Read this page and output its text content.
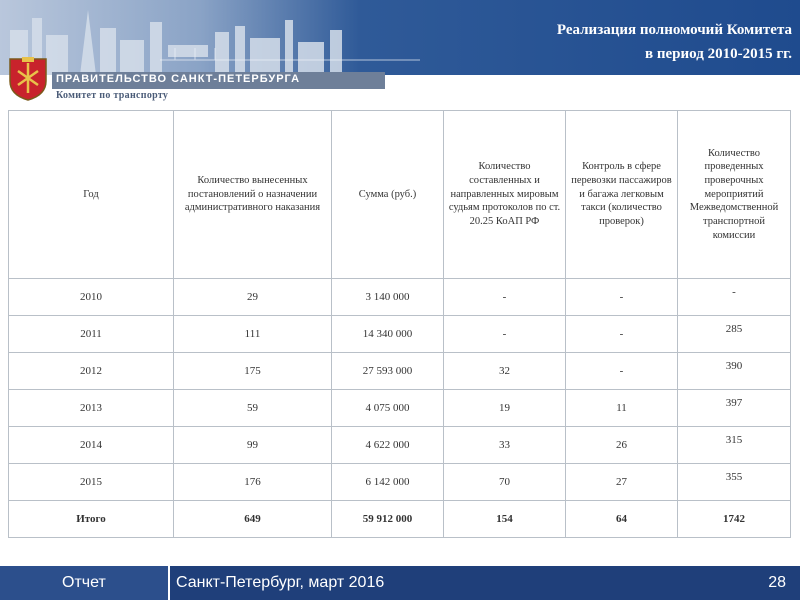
ПРАВИТЕЛЬСТВО САНКТ-ПЕТЕРБУРГА
Комитет по транспорту
Реализация полномочий Комитета
в период 2010-2015 гг.
Год	Количество вынесенных постановлений о назначении административного наказания	Сумма (руб.)	Количество составленных и направленных мировым судьям протоколов по ст. 20.25 КоАП РФ	Контроль в сфере перевозки пассажиров и багажа легковым такси (количество проверок)	Количество проведенных проверочных мероприятий Межведомственной транспортной комиссии
2010	29	3 140 000	-	-	-
2011	111	14 340 000	-	-	285
2012	175	27 593 000	32	-	390
2013	59	4 075 000	19	11	397
2014	99	4 622 000	33	26	315
2015	176	6 142 000	70	27	355
Итого	649	59 912 000	154	64	1742
Отчет	Санкт-Петербург, март 2016	28
